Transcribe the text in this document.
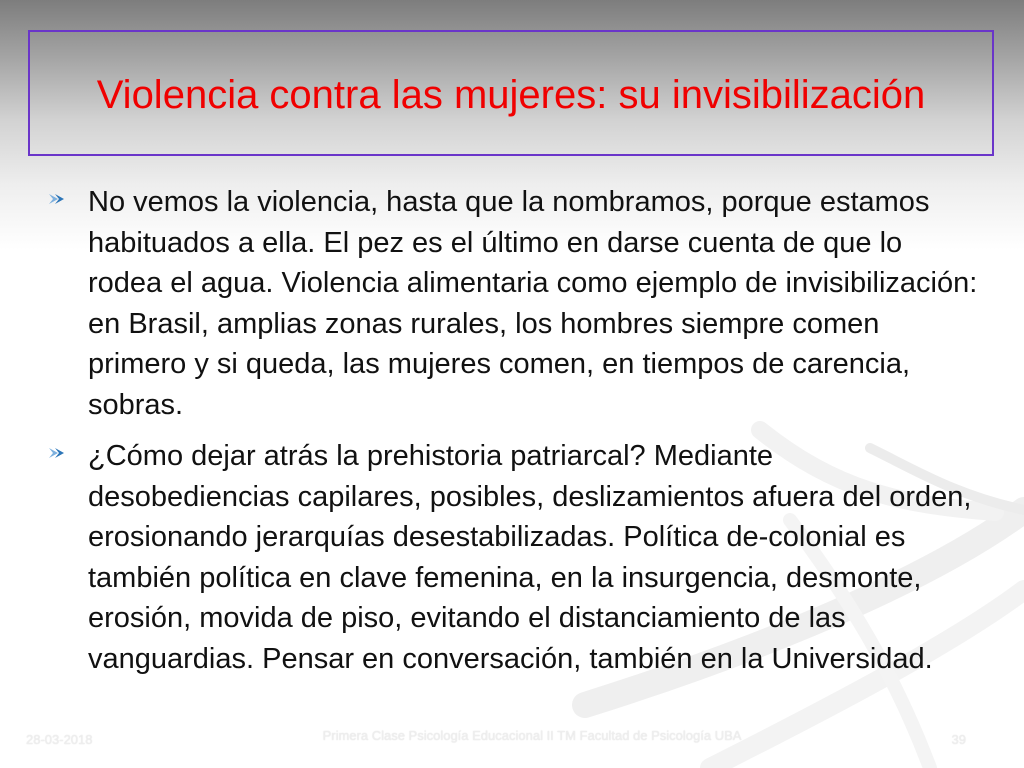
Violencia contra las mujeres: su invisibilización

No vemos la violencia, hasta que la nombramos, porque estamos habituados a ella. El pez es el último en darse cuenta de que lo rodea el agua. Violencia alimentaria como ejemplo de invisibilización: en Brasil, amplias zonas rurales, los hombres siempre comen primero y si queda, las mujeres comen, en tiempos de carencia, sobras.

¿Cómo dejar atrás la prehistoria patriarcal? Mediante desobediencias capilares, posibles, deslizamientos afuera del orden, erosionando jerarquías desestabilizadas. Política de-colonial es también política en clave femenina, en la insurgencia, desmonte, erosión, movida de piso, evitando el distanciamiento de las vanguardias. Pensar en conversación, también en la Universidad.

28-03-2018	Primera Clase Psicología Educacional II TM Facultad de Psicología UBA	39
